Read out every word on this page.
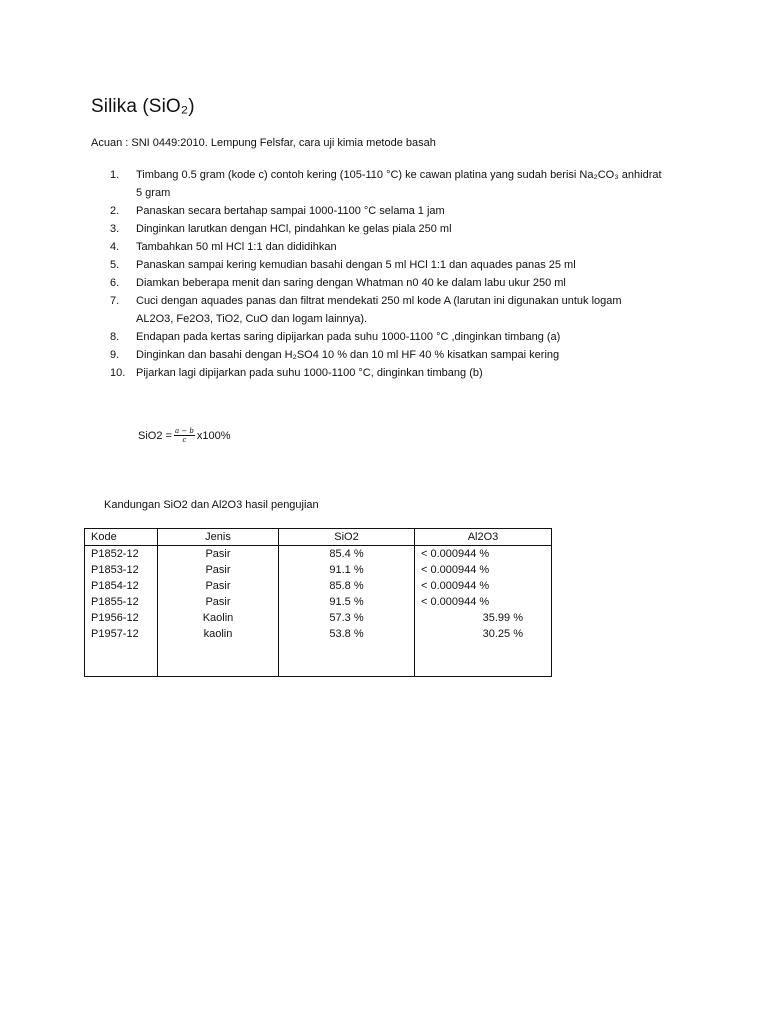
Silika (SiO₂)
Acuan : SNI 0449:2010. Lempung Felsfar, cara uji kimia metode basah
1. Timbang 0.5 gram (kode c) contoh kering (105-110 °C) ke cawan platina yang sudah berisi Na₂CO₃ anhidrat
5 gram
2. Panaskan secara bertahap sampai 1000-1100 °C selama 1 jam
3. Dinginkan larutkan dengan HCl, pindahkan ke gelas piala 250 ml
4. Tambahkan 50 ml HCl 1:1 dan dididihkan
5. Panaskan sampai kering kemudian basahi dengan 5 ml HCl 1:1 dan aquades panas 25 ml
6. Diamkan beberapa menit dan saring dengan Whatman n0 40 ke dalam labu ukur 250 ml
7. Cuci dengan aquades panas dan filtrat mendekati 250 ml kode A (larutan ini digunakan untuk logam
AL2O3, Fe2O3, TiO2, CuO dan logam lainnya).
8. Endapan pada kertas saring dipijarkan pada suhu 1000-1100 °C ,dinginkan timbang (a)
9. Dinginkan dan basahi dengan H₂SO4 10 % dan 10 ml HF 40 % kisatkan sampai kering
10. Pijarkan lagi dipijarkan pada suhu 1000-1100 °C, dinginkan timbang (b)
$SiO2 = \frac{a - b}{c} x100\%$
Kandungan SiO2 dan Al2O3 hasil pengujian
Kode	Jenis	SiO2	Al2O3
P1852-12	Pasir	85.4 %	< 0.000944 %
P1853-12	Pasir	91.1 %	< 0.000944 %
P1854-12	Pasir	85.8 %	< 0.000944 %
P1855-12	Pasir	91.5 %	< 0.000944 %
P1956-12	Kaolin	57.3 %	35.99 %
P1957-12	kaolin	53.8 %	30.25 %
